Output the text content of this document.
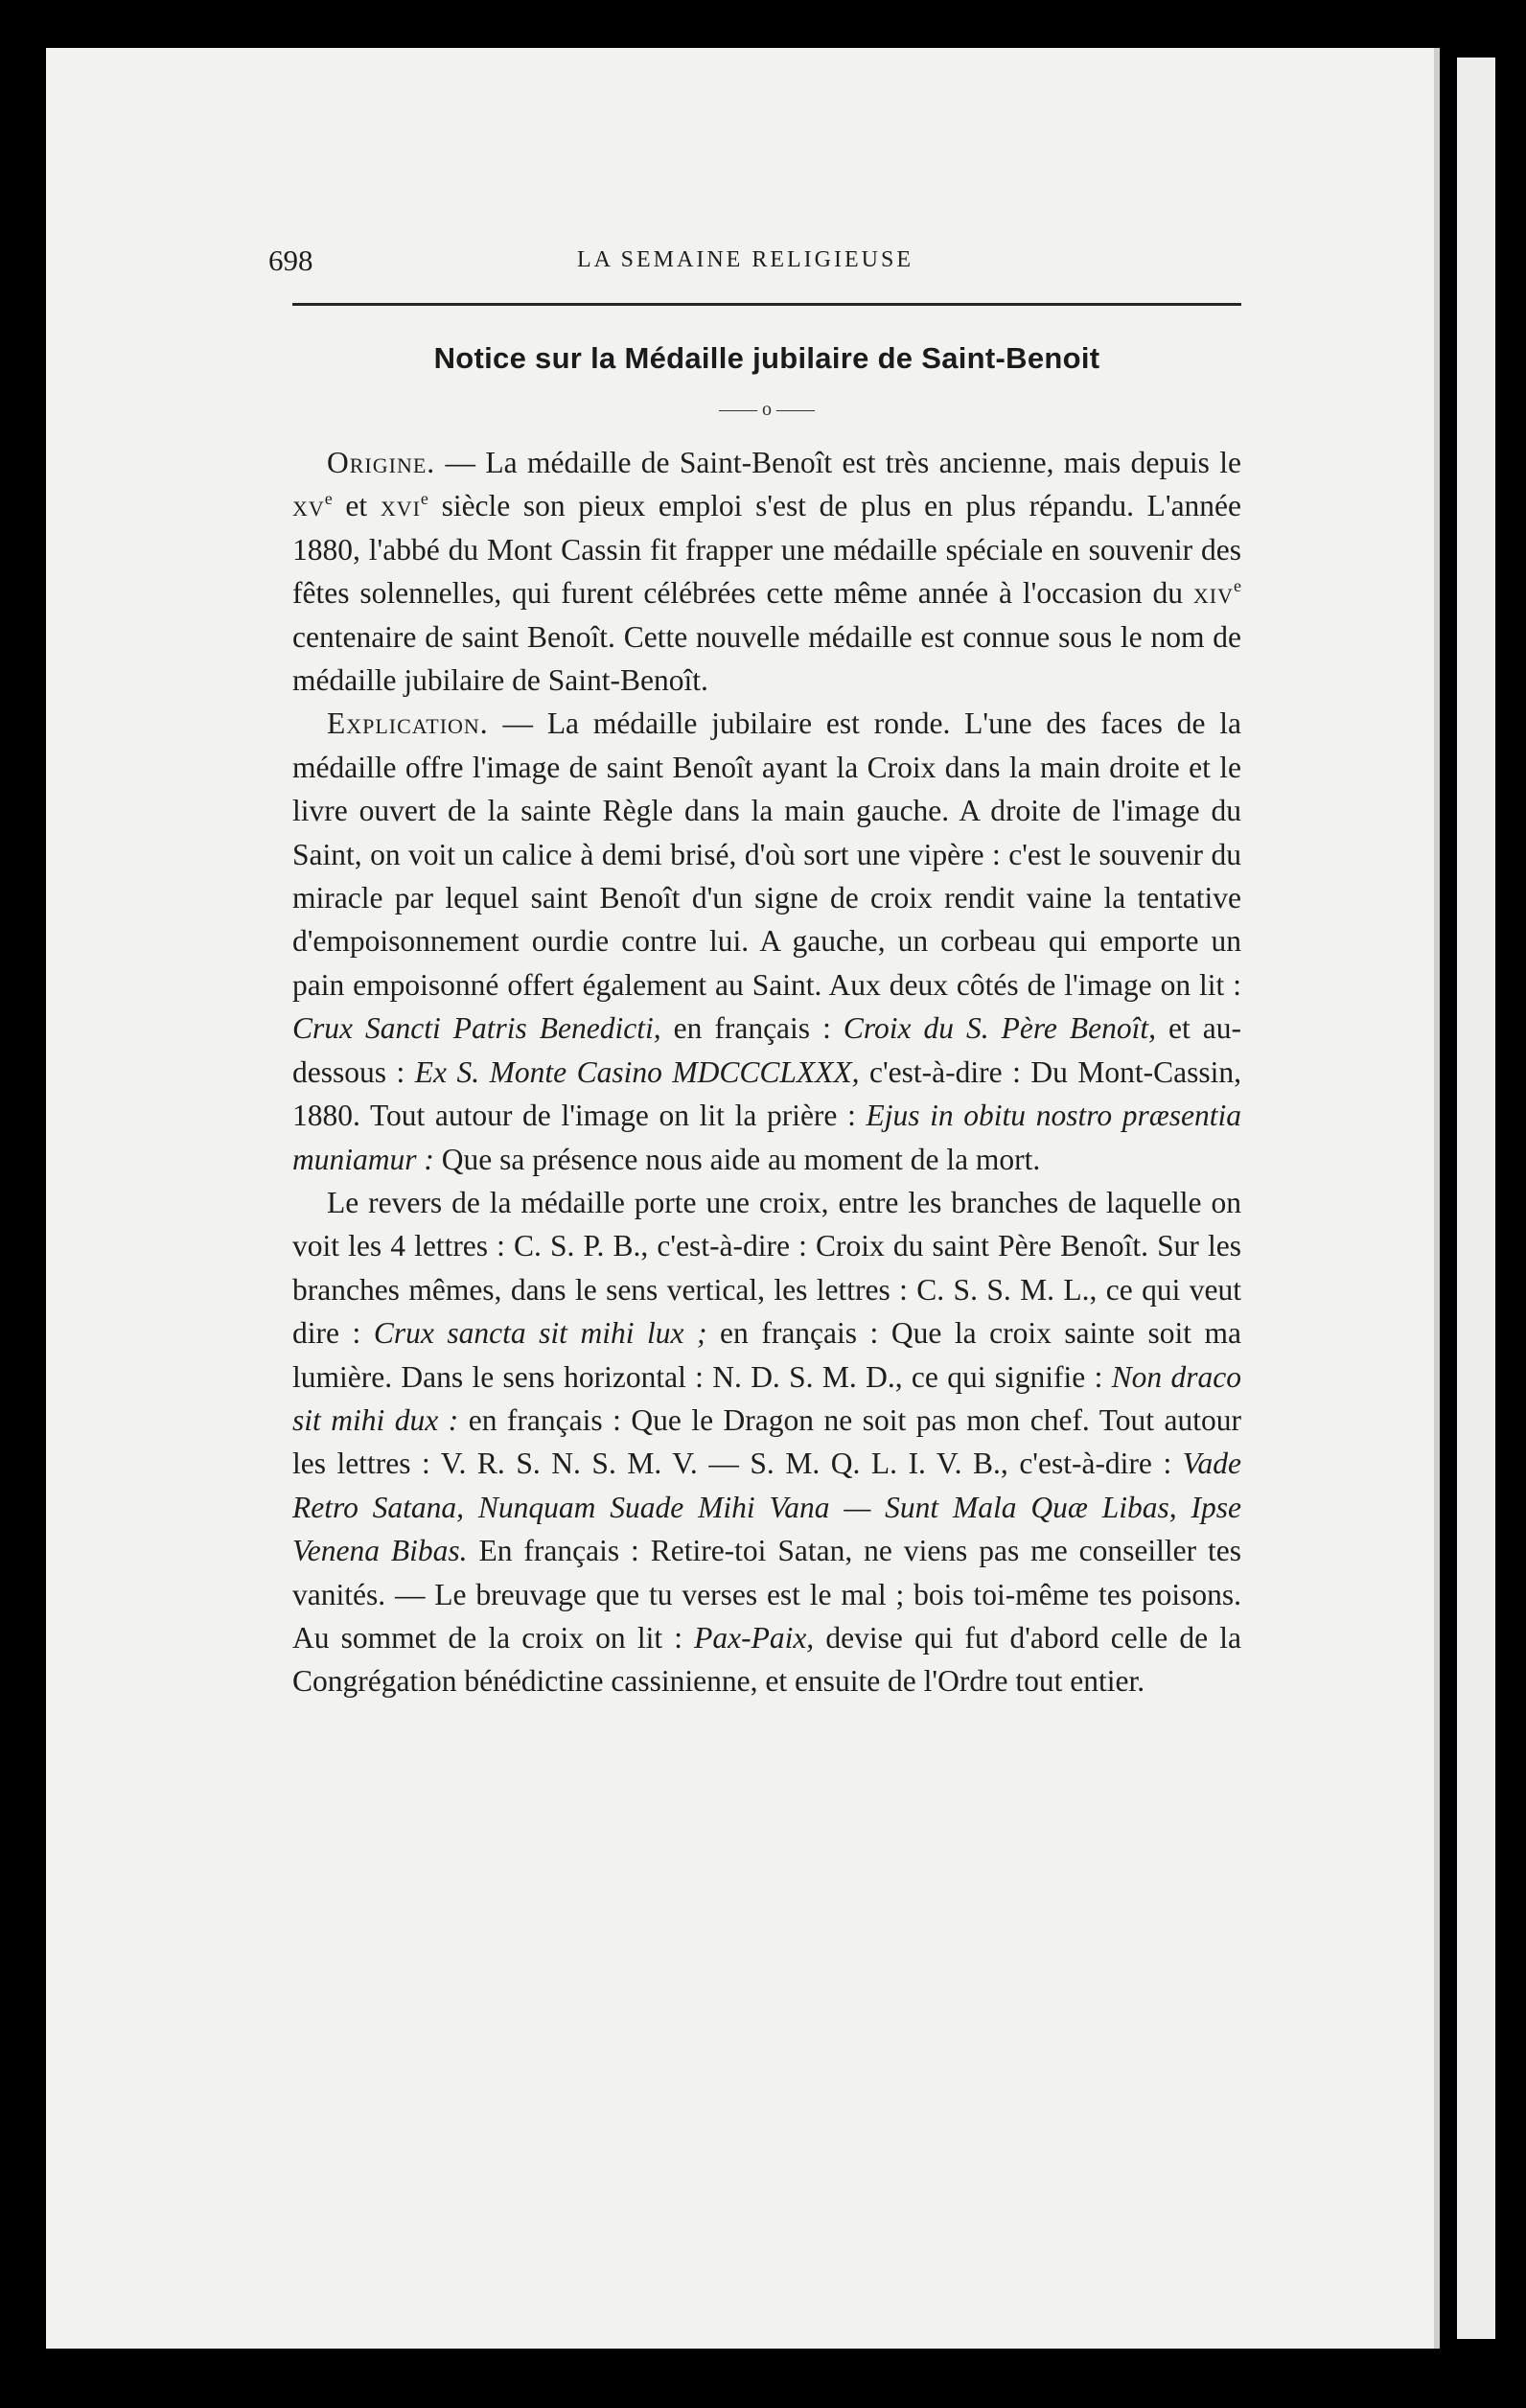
698	LA SEMAINE RELIGIEUSE
Notice sur la Médaille jubilaire de Saint-Benoit
—— o ——

Origine. — La médaille de Saint-Benoît est très ancienne, mais depuis le $xv^e$ et xvi$^e$ siècle son pieux emploi s'est de plus en plus répandu. L'année 1880, l'abbé du Mont Cassin fit frapper une médaille spéciale en souvenir des fêtes solennelles, qui furent célébrées cette même année à l'occasion du xiv$^e$ centenaire de saint Benoît. Cette nouvelle médaille est connue sous le nom de médaille jubilaire de Saint-Benoît.

Explication. — La médaille jubilaire est ronde. L'une des faces de la médaille offre l'image de saint Benoît ayant la Croix dans la main droite et le livre ouvert de la sainte Règle dans la main gauche. A droite de l'image du Saint, on voit un calice à demi brisé, d'où sort une vipère : c'est le souvenir du miracle par lequel saint Benoît d'un signe de croix rendit vaine la tentative d'empoisonnement ourdie contre lui. A gauche, un corbeau qui emporte un pain empoisonné offert également au Saint. Aux deux côtés de l'image on lit : Crux Sancti Patris Benedicti, en français : Croix du S. Père Benoît, et au-dessous : Ex S. Monte Casino MDCCCLXXX, c'est-à-dire : Du Mont-Cassin, 1880. Tout autour de l'image on lit la prière : Ejus in obitu nostro præsentia muniamur : Que sa présence nous aide au moment de la mort.

Le revers de la médaille porte une croix, entre les branches de laquelle on voit les 4 lettres : C. S. P. B., c'est-à-dire : Croix du saint Père Benoît. Sur les branches mêmes, dans le sens vertical, les lettres : C. S. S. M. L., ce qui veut dire : Crux sancta sit mihi lux ; en français : Que la croix sainte soit ma lumière. Dans le sens horizontal : N. D. S. M. D., ce qui signifie : Non draco sit mihi dux : en français : Que le Dragon ne soit pas mon chef. Tout autour les lettres : V. R. S. N. S. M. V. — S. M. Q. L. I. V. B., c'est-à-dire : Vade Retro Satana, Nunquam Suade Mihi Vana — Sunt Mala Quæ Libas, Ipse Venena Bibas. En français : Retire-toi Satan, ne viens pas me conseiller tes vanités. — Le breuvage que tu verses est le mal ; bois toi-même tes poisons. Au sommet de la croix on lit : Pax-Paix, devise qui fut d'abord celle de la Congrégation bénédictine cassinienne, et ensuite de l'Ordre tout entier.
